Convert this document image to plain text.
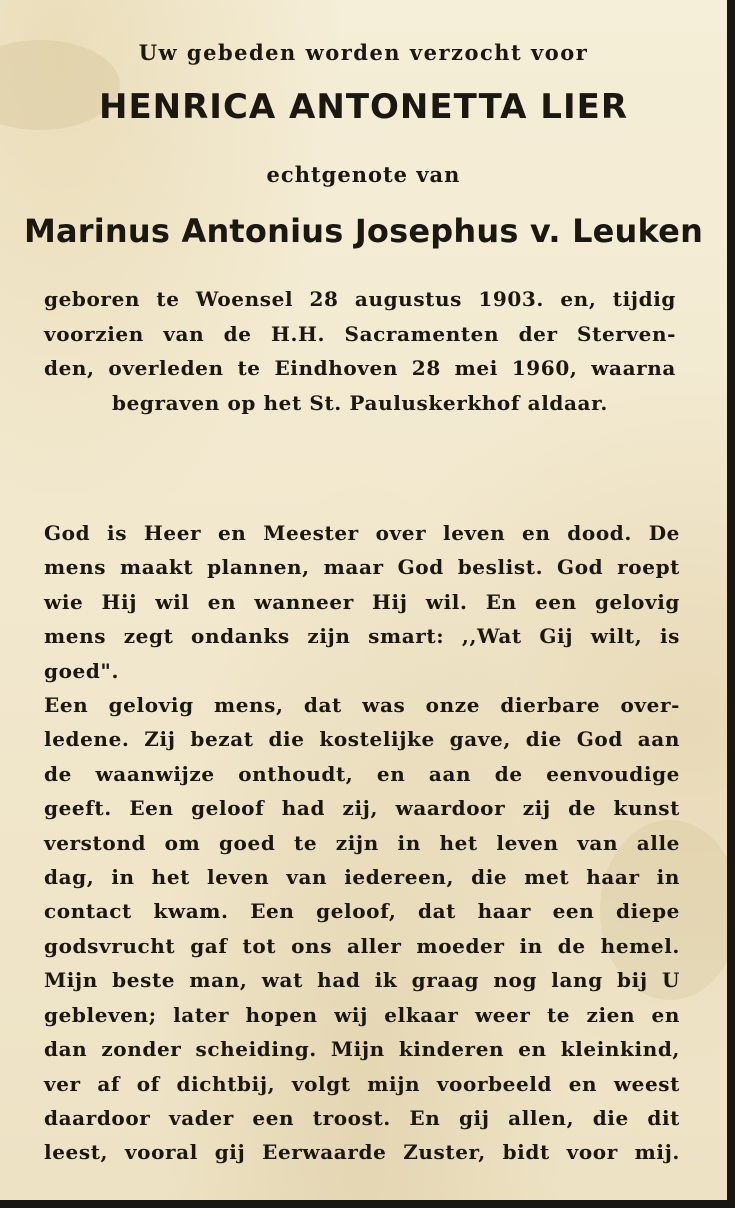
Uw gebeden worden verzocht voor
HENRICA ANTONETTA LIER
echtgenote van
Marinus Antonius Josephus v. Leuken
geboren te Woensel 28 augustus 1903. en, tijdig
voorzien van de H.H. Sacramenten der Sterven-
den, overleden te Eindhoven 28 mei 1960, waarna
begraven op het St. Pauluskerkhof aldaar.
God is Heer en Meester over leven en dood. De
mens maakt plannen, maar God beslist. God roept
wie Hij wil en wanneer Hij wil. En een gelovig
mens zegt ondanks zijn smart: ,,Wat Gij wilt, is
goed".
Een gelovig mens, dat was onze dierbare over-
ledene. Zij bezat die kostelijke gave, die God aan
de waanwijze onthoudt, en aan de eenvoudige
geeft. Een geloof had zij, waardoor zij de kunst
verstond om goed te zijn in het leven van alle
dag, in het leven van iedereen, die met haar in
contact kwam. Een geloof, dat haar een diepe
godsvrucht gaf tot ons aller moeder in de hemel.
Mijn beste man, wat had ik graag nog lang bij U
gebleven; later hopen wij elkaar weer te zien en
dan zonder scheiding. Mijn kinderen en kleinkind,
ver af of dichtbij, volgt mijn voorbeeld en weest
daardoor vader een troost. En gij allen, die dit
leest, vooral gij Eerwaarde Zuster, bidt voor mij.
